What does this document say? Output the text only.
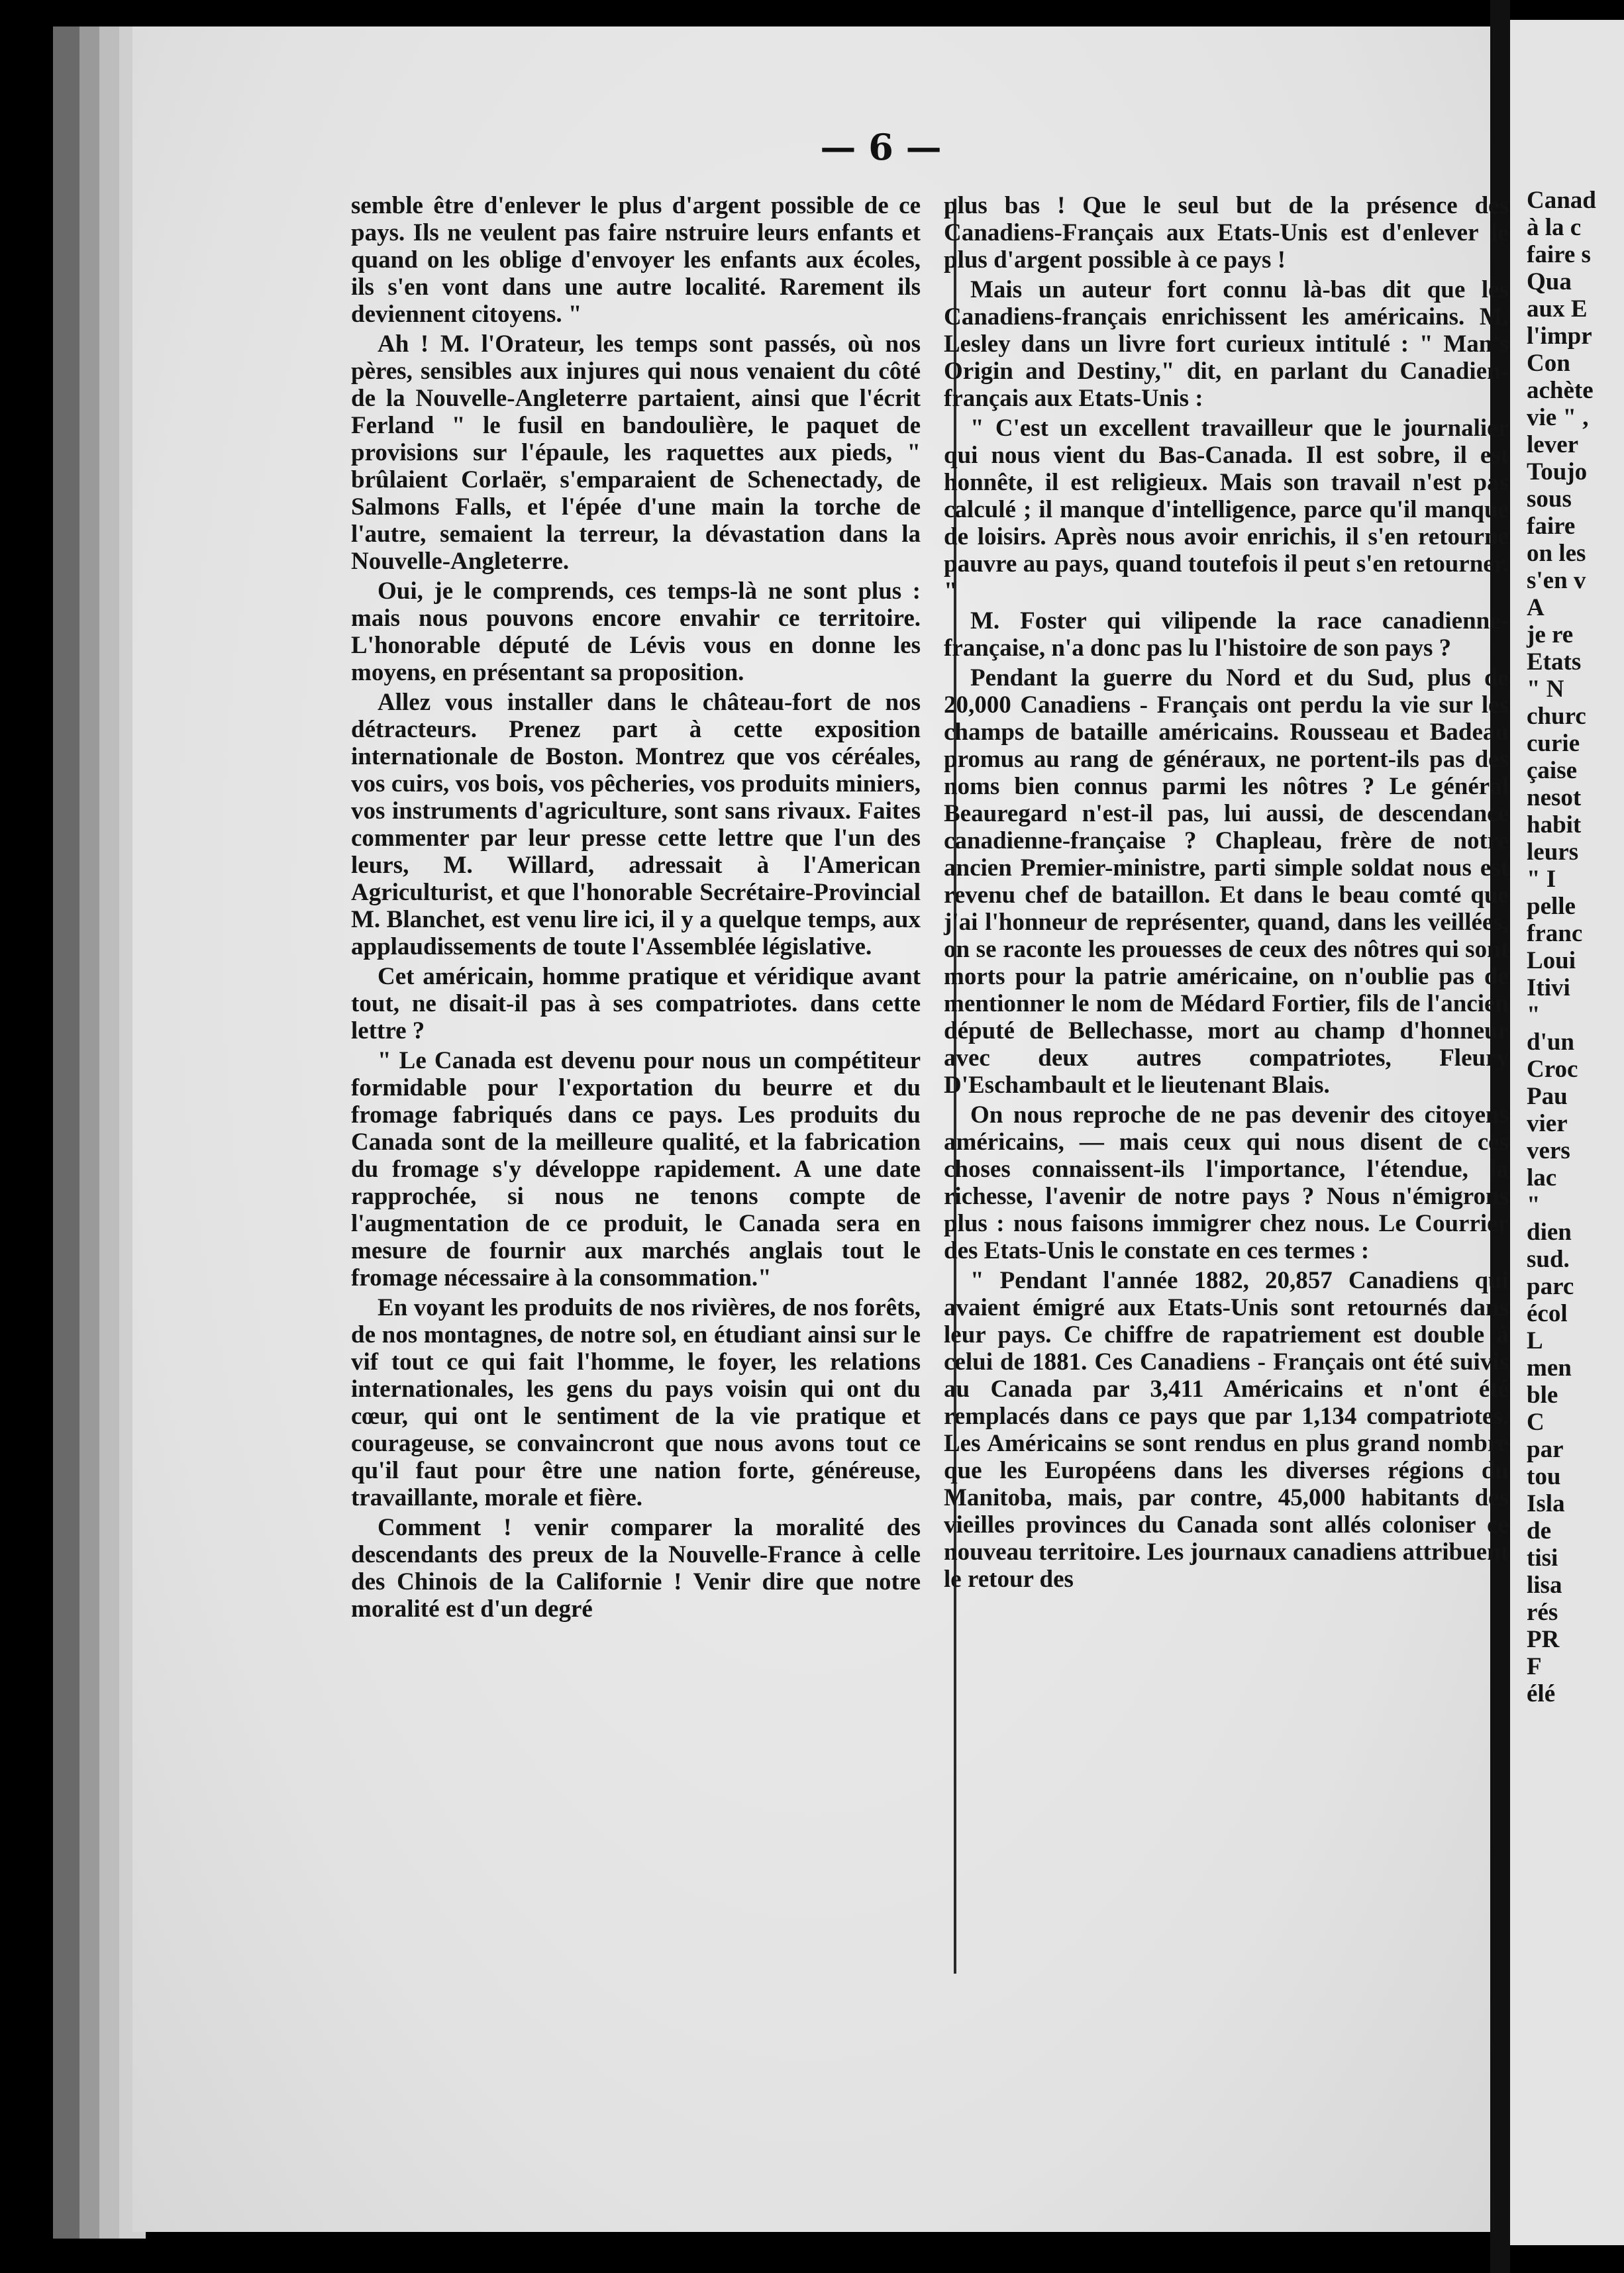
— 6 —

semble être d'enlever le plus d'argent possible de ce pays. Ils ne veulent pas faire nstruire leurs enfants et quand on les oblige d'envoyer les enfants aux écoles, ils s'en vont dans une autre localité. Rarement ils deviennent citoyens. "

Ah ! M. l'Orateur, les temps sont passés, où nos pères, sensibles aux injures qui nous venaient du côté de la Nouvelle-Angleterre partaient, ainsi que l'écrit Ferland " le fusil en bandoulière, le paquet de provisions sur l'épaule, les raquettes aux pieds, " brûlaient Corlaër, s'emparaient de Schenectady, de Salmons Falls, et l'épée d'une main la torche de l'autre, semaient la terreur, la dévastation dans la Nouvelle-Angleterre.

Oui, je le comprends, ces temps-là ne sont plus : mais nous pouvons encore envahir ce territoire. L'honorable député de Lévis vous en donne les moyens, en présentant sa proposition.

Allez vous installer dans le château-fort de nos détracteurs. Prenez part à cette exposition internationale de Boston. Montrez que vos céréales, vos cuirs, vos bois, vos pêcheries, vos produits miniers, vos instruments d'agriculture, sont sans rivaux. Faites commenter par leur presse cette lettre que l'un des leurs, M. Willard, adressait à l'American Agriculturist, et que l'honorable Secrétaire-Provincial M. Blanchet, est venu lire ici, il y a quelque temps, aux applaudissements de toute l'Assemblée législative.

Cet américain, homme pratique et véridique avant tout, ne disait-il pas à ses compatriotes. dans cette lettre ?

" Le Canada est devenu pour nous un compétiteur formidable pour l'exportation du beurre et du fromage fabriqués dans ce pays. Les produits du Canada sont de la meilleure qualité, et la fabrication du fromage s'y développe rapidement. A une date rapprochée, si nous ne tenons compte de l'augmentation de ce produit, le Canada sera en mesure de fournir aux marchés anglais tout le fromage nécessaire à la consommation."

En voyant les produits de nos rivières, de nos forêts, de nos montagnes, de notre sol, en étudiant ainsi sur le vif tout ce qui fait l'homme, le foyer, les relations internationales, les gens du pays voisin qui ont du cœur, qui ont le sentiment de la vie pratique et courageuse, se convaincront que nous avons tout ce qu'il faut pour être une nation forte, généreuse, travaillante, morale et fière.

Comment ! venir comparer la moralité des descendants des preux de la Nouvelle-France à celle des Chinois de la Californie ! Venir dire que notre moralité est d'un degré

plus bas ! Que le seul but de la présence des Canadiens-Français aux Etats-Unis est d'enlever le plus d'argent possible à ce pays !

Mais un auteur fort connu là-bas dit que les Canadiens-français enrichissent les américains. M. Lesley dans un livre fort curieux intitulé : " Man's Origin and Destiny," dit, en parlant du Canadien-français aux Etats-Unis :

" C'est un excellent travailleur que le journalier qui nous vient du Bas-Canada. Il est sobre, il est honnête, il est religieux. Mais son travail n'est pas calculé ; il manque d'intelligence, parce qu'il manque de loisirs. Après nous avoir enrichis, il s'en retourne pauvre au pays, quand toutefois il peut s'en retourner. "

M. Foster qui vilipende la race canadienne-française, n'a donc pas lu l'histoire de son pays ?

Pendant la guerre du Nord et du Sud, plus de 20,000 Canadiens - Français ont perdu la vie sur les champs de bataille américains. Rousseau et Badeau promus au rang de généraux, ne portent-ils pas des noms bien connus parmi les nôtres ? Le général Beauregard n'est-il pas, lui aussi, de descendance canadienne-française ? Chapleau, frère de notre ancien Premier-ministre, parti simple soldat nous est revenu chef de bataillon. Et dans le beau comté que j'ai l'honneur de représenter, quand, dans les veillées, on se raconte les prouesses de ceux des nôtres qui sont morts pour la patrie américaine, on n'oublie pas de mentionner le nom de Médard Fortier, fils de l'ancien député de Bellechasse, mort au champ d'honneur avec deux autres compatriotes, Fleury D'Eschambault et le lieutenant Blais.

On nous reproche de ne pas devenir des citoyens américains, — mais ceux qui nous disent de ces choses connaissent-ils l'importance, l'étendue, la richesse, l'avenir de notre pays ? Nous n'émigrons plus : nous faisons immigrer chez nous. Le Courrier des Etats-Unis le constate en ces termes :

" Pendant l'année 1882, 20,857 Canadiens qui avaient émigré aux Etats-Unis sont retournés dans leur pays. Ce chiffre de rapatriement est double à celui de 1881. Ces Canadiens - Français ont été suivis au Canada par 3,411 Américains et n'ont été remplacés dans ce pays que par 1,134 compatriotes. Les Américains se sont rendus en plus grand nombre que les Européens dans les diverses régions du Manitoba, mais, par contre, 45,000 habitants des vieilles provinces du Canada sont allés coloniser ce nouveau territoire. Les journaux canadiens attribuent le retour des

Canad
à la c
faire s
Qua
aux E
l'impr
Con
achète
vie " ,
lever
Toujo
sous
faire
on les
s'en v
A
je re
Etats
" N
churc
curie
çaise
nesot
habit
leurs
" I
pelle
franc
Loui
Itivi
"
d'un
Croc
Pau
vier
vers
lac
"
dien
sud.
parc
écol
L
men
ble
C
par
tou
Isla
de
tisi
lisa
rés
PR
F
élé
